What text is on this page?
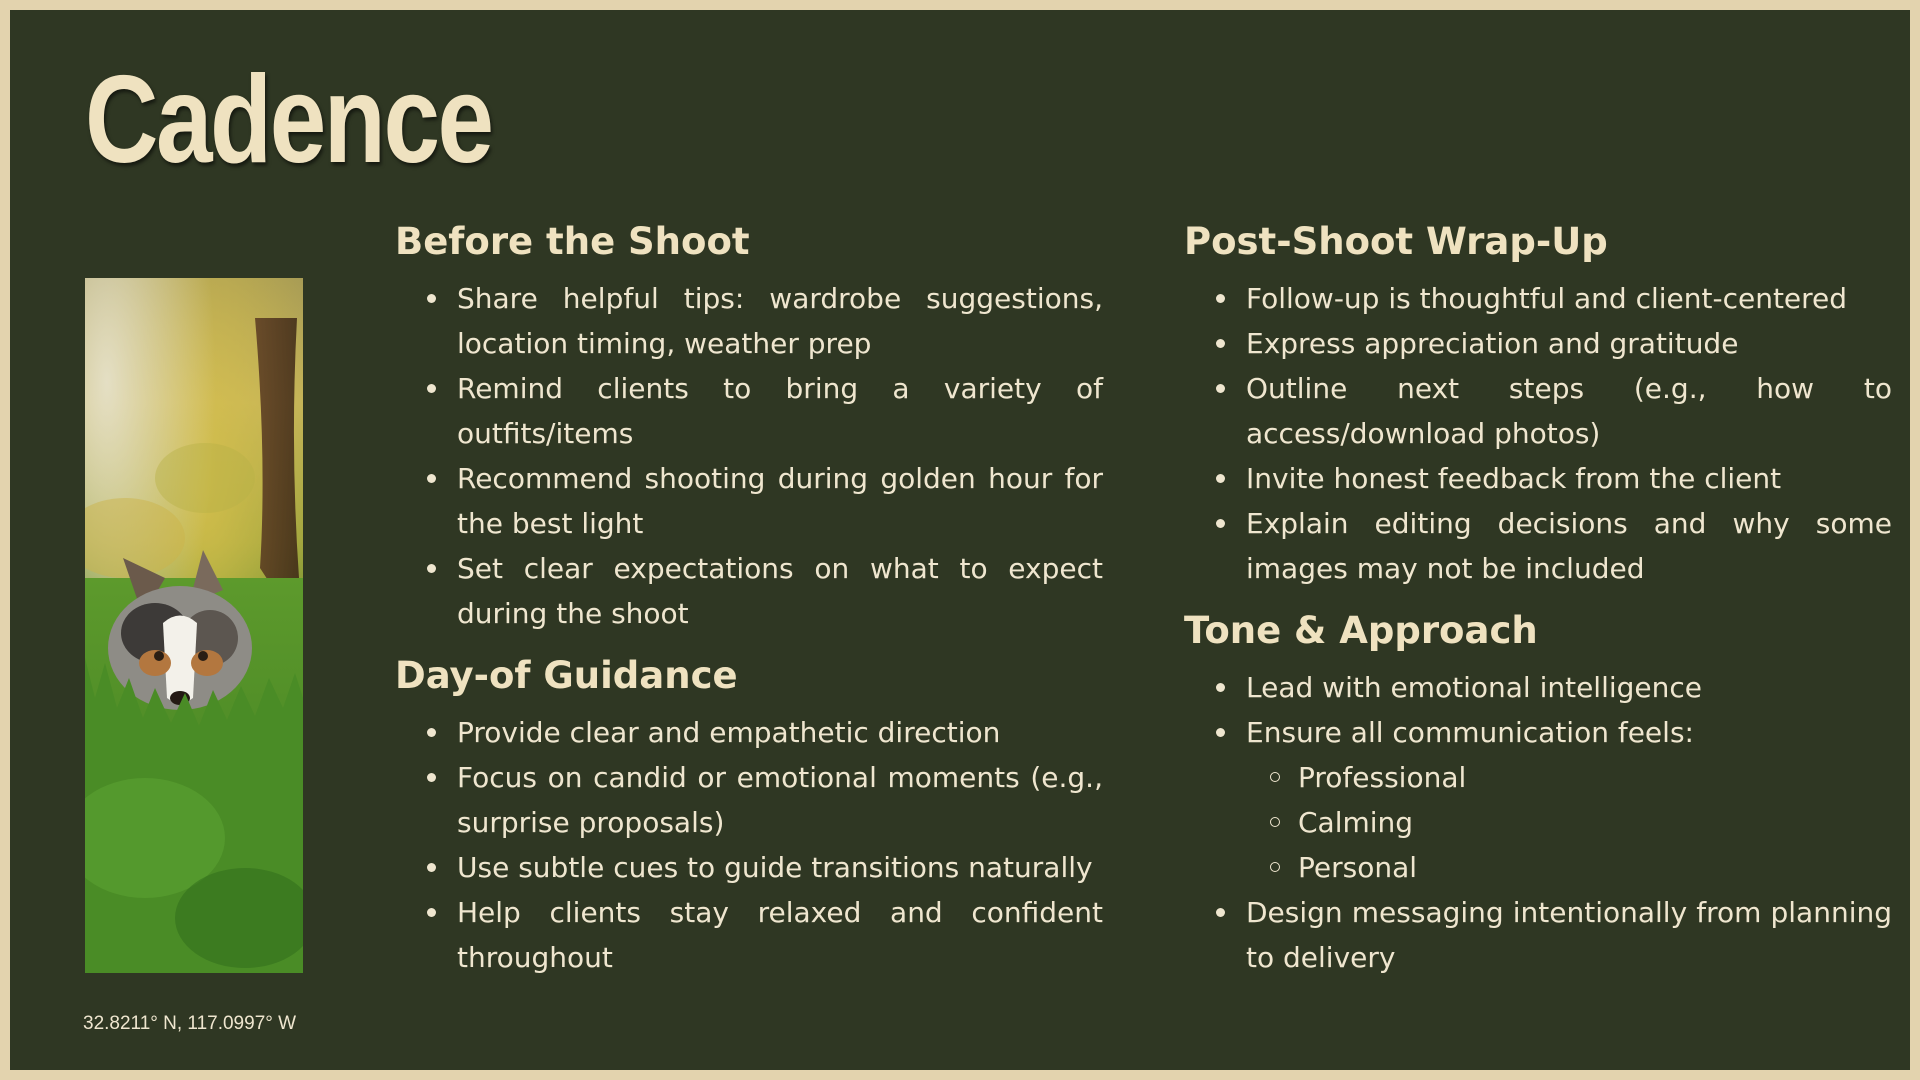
Cadence
32.8211° N, 117.0997° W
Before the Shoot
Share helpful tips: wardrobe suggestions, location timing, weather prep
Remind clients to bring a variety of outfits/items
Recommend shooting during golden hour for the best light
Set clear expectations on what to expect during the shoot
Day-of Guidance
Provide clear and empathetic direction
Focus on candid or emotional moments (e.g., surprise proposals)
Use subtle cues to guide transitions naturally
Help clients stay relaxed and confident throughout
Post-Shoot Wrap-Up
Follow-up is thoughtful and client-centered
Express appreciation and gratitude
Outline next steps (e.g., how to access/download photos)
Invite honest feedback from the client
Explain editing decisions and why some images may not be included
Tone & Approach
Lead with emotional intelligence
Ensure all communication feels:
Professional
Calming
Personal
Design messaging intentionally from planning to delivery
